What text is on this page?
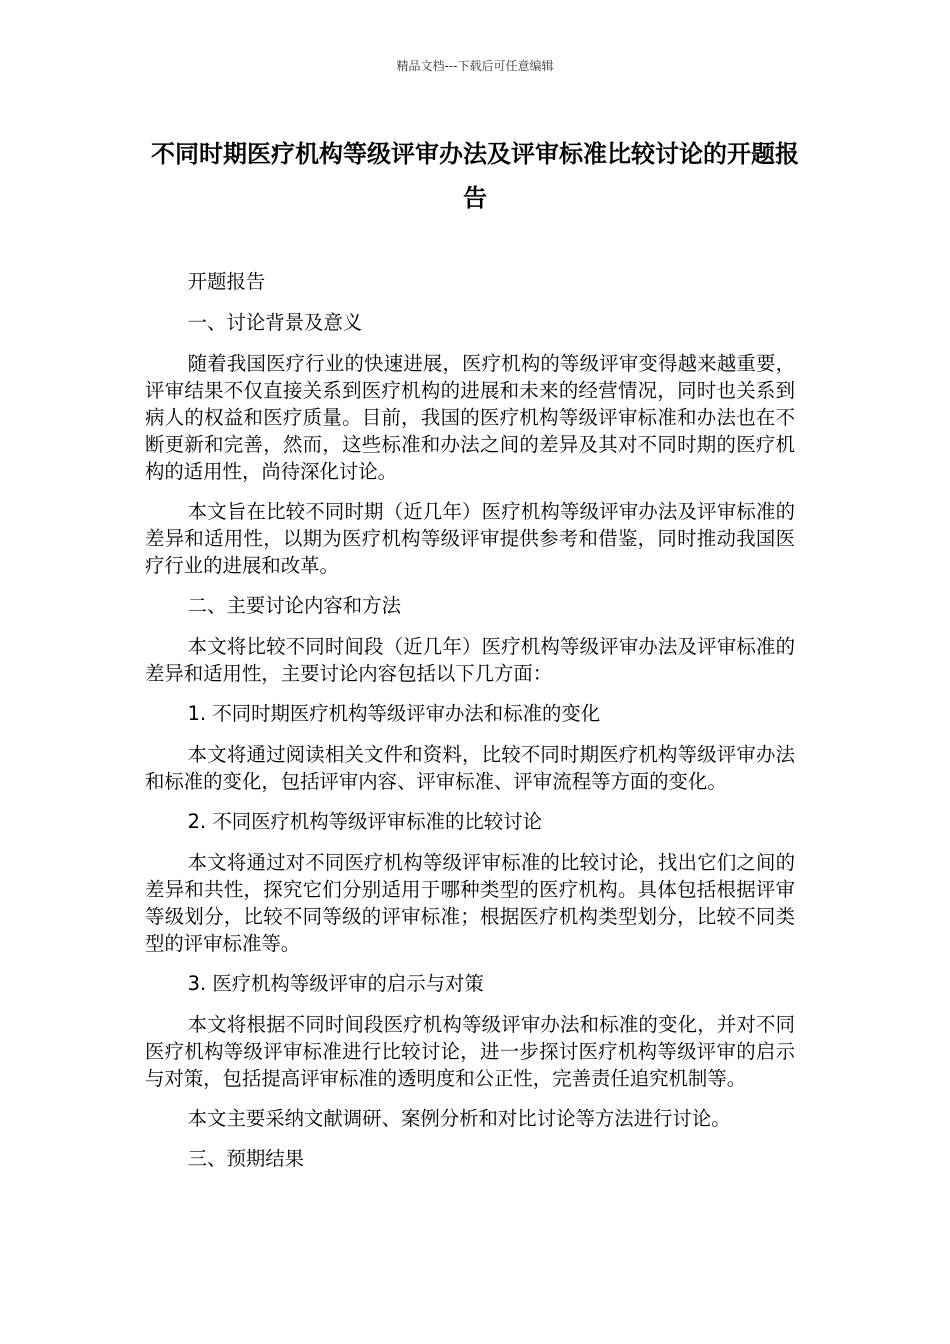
精品文档---下载后可任意编辑
不同时期医疗机构等级评审办法及评审标准比较讨论的开题报告

开题报告

一、讨论背景及意义

随着我国医疗行业的快速进展，医疗机构的等级评审变得越来越重要，评审结果不仅直接关系到医疗机构的进展和未来的经营情况，同时也关系到病人的权益和医疗质量。目前，我国的医疗机构等级评审标准和办法也在不断更新和完善，然而，这些标准和办法之间的差异及其对不同时期的医疗机构的适用性，尚待深化讨论。

本文旨在比较不同时期（近几年）医疗机构等级评审办法及评审标准的差异和适用性，以期为医疗机构等级评审提供参考和借鉴，同时推动我国医疗行业的进展和改革。

二、主要讨论内容和方法

本文将比较不同时间段（近几年）医疗机构等级评审办法及评审标准的差异和适用性，主要讨论内容包括以下几方面：

1. 不同时期医疗机构等级评审办法和标准的变化

本文将通过阅读相关文件和资料，比较不同时期医疗机构等级评审办法和标准的变化，包括评审内容、评审标准、评审流程等方面的变化。

2. 不同医疗机构等级评审标准的比较讨论

本文将通过对不同医疗机构等级评审标准的比较讨论，找出它们之间的差异和共性，探究它们分别适用于哪种类型的医疗机构。具体包括根据评审等级划分，比较不同等级的评审标准；根据医疗机构类型划分，比较不同类型的评审标准等。

3. 医疗机构等级评审的启示与对策

本文将根据不同时间段医疗机构等级评审办法和标准的变化，并对不同医疗机构等级评审标准进行比较讨论，进一步探讨医疗机构等级评审的启示与对策，包括提高评审标准的透明度和公正性，完善责任追究机制等。

本文主要采纳文献调研、案例分析和对比讨论等方法进行讨论。

三、预期结果
